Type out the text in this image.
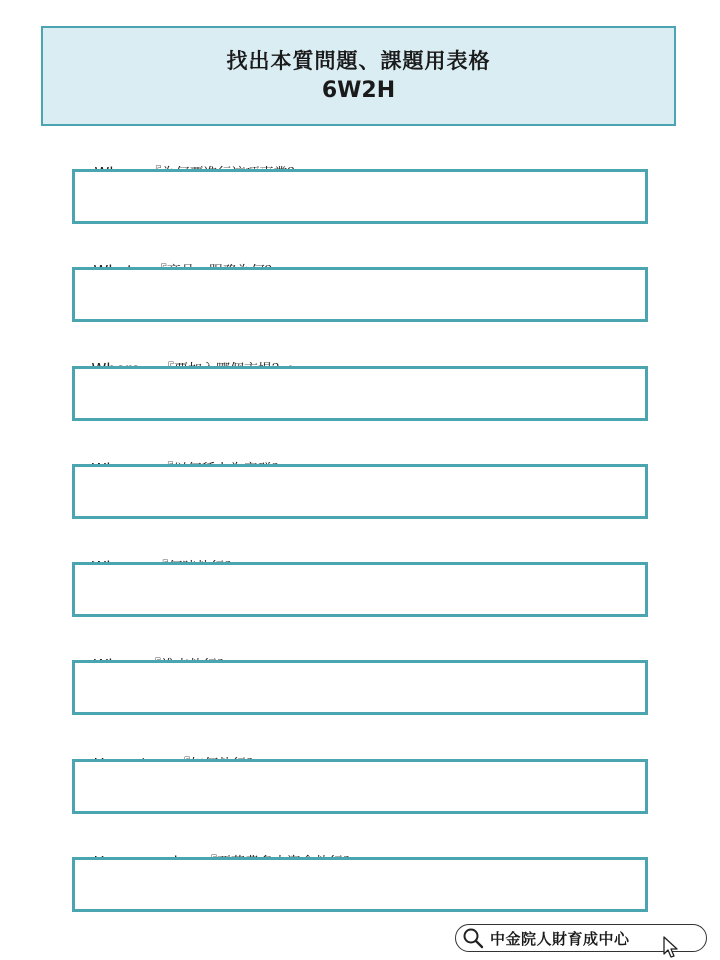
找出本質問題、課題用表格
6W2H

中金院人財育成中心
